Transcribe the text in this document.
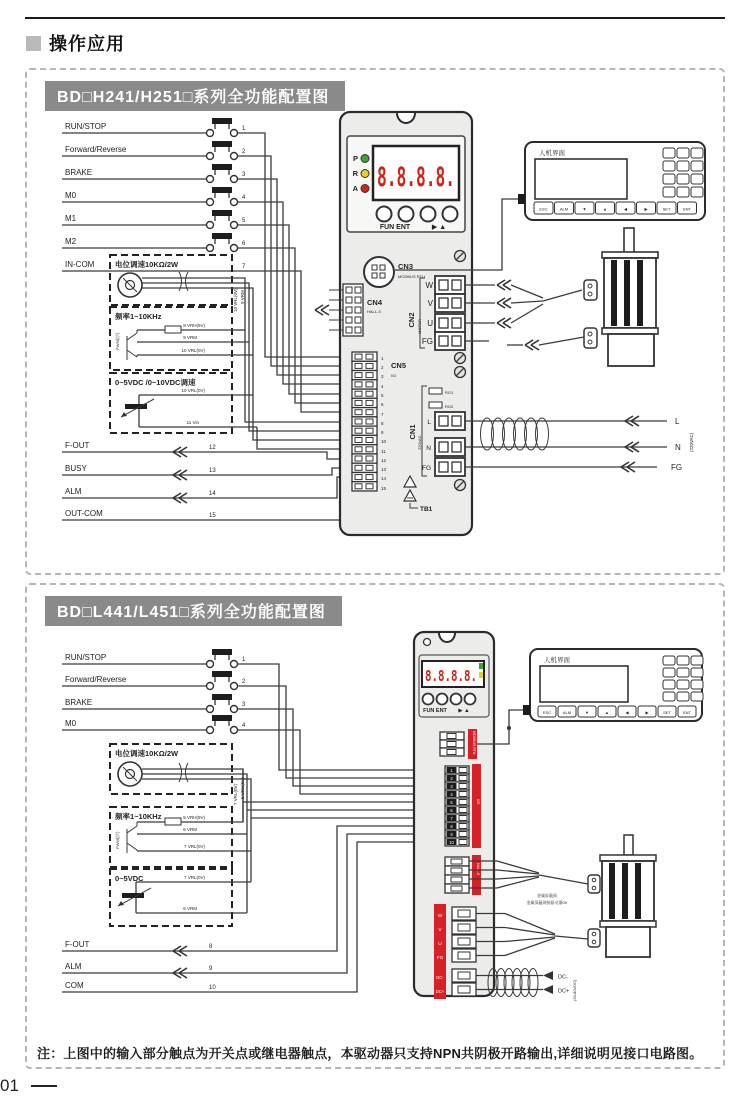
操作应用
BD□H241/H251□系列全功能配置图
RUN/STOP	1
Forward/Reverse	2
BRAKE	3
M0	4
M1	5
M2	6
IN-COM	7
电位调速10KΩ/2W
10 VRL(0V) 9 VRM
频率1~10KHz
PWM信号
8 VRH(5V)
9 VRM
10 VRL(0V)
0~5VDC /0~10VDC调速
10 VRL(0V)
11 Vin
F-OUT	12
BUSY	13
ALM	14
OUT-COM	15
P
R
A 8.8.8.8.
FUN ENT	▶ ▲
CN3
MODBUS RTU
CN4
HALL-S
CN2 MOTOR
W
V
U
FG
1
2
3
4
5
6
7
8
9
10
11
12
13
14
15
CN5
I/O
CN1
220VAC
RG1
RG2
L
N
FG
TB1
人机界面
ESC	ALM	▼	▲	◀	▶	SET	ENT
L
N (220VAC)
FG
BD□L441/L451□系列全功能配置图
RUN/STOP	1
Forward/Reverse	2
BRAKE	3
M0	4
电位调速10KΩ/2W
7 VRL(0V) 5 VRH(5V)
频率1~10KHz
PWM信号
5 VRH(5V)
6 VRM
7 VRL(0V)
0~5VDC	7 VRL(0V)
6 VRM
F-OUT	8
ALM	9
COM	10
8.8.8.8.
FUN ENT ▶ ▲
MODBUS RTU
1
2
3
4
5
6
7
8
9
10
I/O
HALL-S
W
V
U
FG
DC-
DC+
人机界面
ESC	ALM	▼	▲	◀	▶	SET	ENT
金属屏蔽网
金属屏蔽网接驱动器0V
DC-
DC+ (24-80VDC)
注：上图中的输入部分触点为开关点或继电器触点，本驱动器只支持NPN共阴极开路输出,详细说明见接口电路图。
01
